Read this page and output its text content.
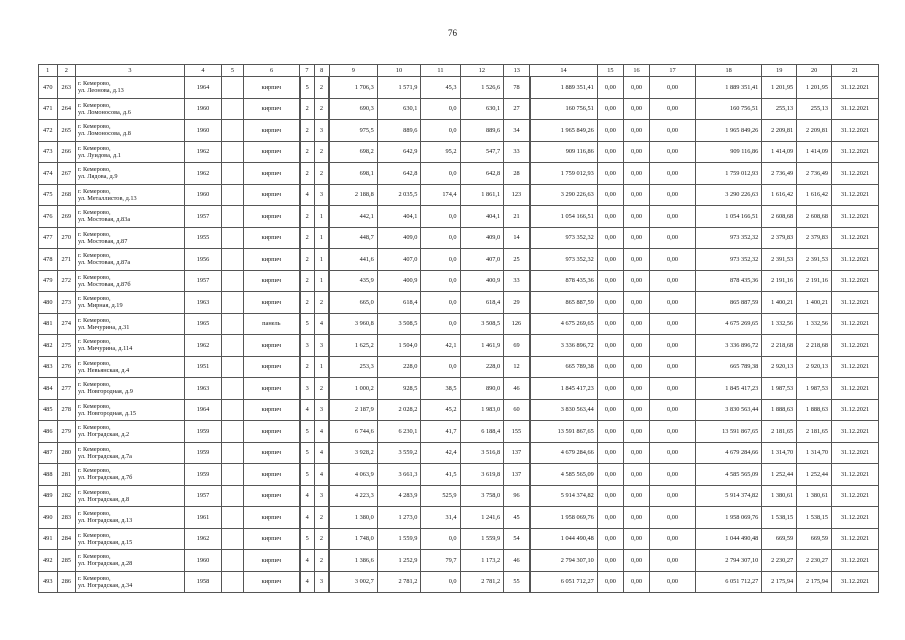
76
1	2	3	4	5	6	7	8	9	10	11	12	13	14	15	16	17	18	19	20	21
470	263	г. Кемерово,
ул. Леонова, д.13	1964		кирпич	5	2	1 706,3	1 571,9	45,3	1 526,6	78	1 889 351,41	0,00	0,00	0,00	1 889 351,41	1 201,95	1 201,95	31.12.2021
471	264	г. Кемерово,
ул. Ломоносова, д.6	1960		кирпич	2	2	690,3	630,1	0,0	630,1	27	160 756,51	0,00	0,00	0,00	160 756,51	255,13	255,13	31.12.2021
472	265	г. Кемерово,
ул. Ломоносова, д.8	1960		кирпич	2	3	975,5	889,6	0,0	889,6	34	1 965 849,26	0,00	0,00	0,00	1 965 849,26	2 209,81	2 209,81	31.12.2021
473	266	г. Кемерово,
ул. Луидова, д.1	1962		кирпич	2	2	698,2	642,9	95,2	547,7	33	909 116,86	0,00	0,00	0,00	909 116,86	1 414,09	1 414,09	31.12.2021
474	267	г. Кемерово,
ул. Лядова, д.9	1962		кирпич	2	2	698,1	642,8	0,0	642,8	28	1 759 012,93	0,00	0,00	0,00	1 759 012,93	2 736,49	2 736,49	31.12.2021
475	268	г. Кемерово,
ул. Металлистов, д.13	1960		кирпич	4	3	2 188,8	2 035,5	174,4	1 861,1	123	3 290 226,63	0,00	0,00	0,00	3 290 226,63	1 616,42	1 616,42	31.12.2021
476	269	г. Кемерово,
ул. Мостовая, д.83а	1957		кирпич	2	1	442,1	404,1	0,0	404,1	21	1 054 166,51	0,00	0,00	0,00	1 054 166,51	2 608,68	2 608,68	31.12.2021
477	270	г. Кемерово,
ул. Мостовая, д.87	1955		кирпич	2	1	448,7	409,0	0,0	409,0	14	973 352,32	0,00	0,00	0,00	973 352,32	2 379,83	2 379,83	31.12.2021
478	271	г. Кемерово,
ул. Мостовая, д.87а	1956		кирпич	2	1	441,6	407,0	0,0	407,0	25	973 352,32	0,00	0,00	0,00	973 352,32	2 391,53	2 391,53	31.12.2021
479	272	г. Кемерово,
ул. Мостовая, д.87б	1957		кирпич	2	1	435,9	400,9	0,0	400,9	33	878 435,36	0,00	0,00	0,00	878 435,36	2 191,16	2 191,16	31.12.2021
480	273	г. Кемерово,
ул. Мирная, д.19	1963		кирпич	2	2	665,0	618,4	0,0	618,4	29	865 887,59	0,00	0,00	0,00	865 887,59	1 400,21	1 400,21	31.12.2021
481	274	г. Кемерово,
ул. Мичурина, д.31	1965		панель	5	4	3 960,8	3 508,5	0,0	3 508,5	126	4 675 269,65	0,00	0,00	0,00	4 675 269,65	1 332,56	1 332,56	31.12.2021
482	275	г. Кемерово,
ул. Мичурина, д.114	1962		кирпич	3	3	1 625,2	1 504,0	42,1	1 461,9	69	3 336 896,72	0,00	0,00	0,00	3 336 896,72	2 218,68	2 218,68	31.12.2021
483	276	г. Кемерово,
ул. Невьянская, д.4	1951		кирпич	2	1	253,3	228,0	0,0	228,0	12	665 789,38	0,00	0,00	0,00	665 789,38	2 920,13	2 920,13	31.12.2021
484	277	г. Кемерово,
ул. Новгородная, д.9	1963		кирпич	3	2	1 000,2	928,5	38,5	890,0	46	1 845 417,23	0,00	0,00	0,00	1 845 417,23	1 987,53	1 987,53	31.12.2021
485	278	г. Кемерово,
ул. Новгородная, д.15	1964		кирпич	4	3	2 187,9	2 028,2	45,2	1 983,0	60	3 830 563,44	0,00	0,00	0,00	3 830 563,44	1 888,63	1 888,63	31.12.2021
486	279	г. Кемерово,
ул. Ноградская, д.2	1959		кирпич	5	4	6 744,6	6 230,1	41,7	6 188,4	155	13 591 867,65	0,00	0,00	0,00	13 591 867,65	2 181,65	2 181,65	31.12.2021
487	280	г. Кемерово,
ул. Ноградская, д.7а	1959		кирпич	5	4	3 928,2	3 559,2	42,4	3 516,8	137	4 679 284,66	0,00	0,00	0,00	4 679 284,66	1 314,70	1 314,70	31.12.2021
488	281	г. Кемерово,
ул. Ноградская, д.7б	1959		кирпич	5	4	4 063,9	3 661,3	41,5	3 619,8	137	4 585 565,09	0,00	0,00	0,00	4 585 565,09	1 252,44	1 252,44	31.12.2021
489	282	г. Кемерово,
ул. Ноградская, д.8	1957		кирпич	4	3	4 223,3	4 283,9	525,9	3 758,0	96	5 914 374,82	0,00	0,00	0,00	5 914 374,82	1 380,61	1 380,61	31.12.2021
490	283	г. Кемерово,
ул. Ноградская, д.13	1961		кирпич	4	2	1 380,0	1 273,0	31,4	1 241,6	45	1 958 069,76	0,00	0,00	0,00	1 958 069,76	1 538,15	1 538,15	31.12.2021
491	284	г. Кемерово,
ул. Ноградская, д.15	1962		кирпич	5	2	1 748,0	1 559,9	0,0	1 559,9	54	1 044 490,48	0,00	0,00	0,00	1 044 490,48	669,59	669,59	31.12.2021
492	285	г. Кемерово,
ул. Ноградская, д.28	1960		кирпич	4	2	1 386,6	1 252,9	79,7	1 173,2	46	2 794 307,10	0,00	0,00	0,00	2 794 307,10	2 230,27	2 230,27	31.12.2021
493	286	г. Кемерово,
ул. Ноградская, д.34	1958		кирпич	4	3	3 002,7	2 781,2	0,0	2 781,2	55	6 051 712,27	0,00	0,00	0,00	6 051 712,27	2 175,94	2 175,94	31.12.2021
